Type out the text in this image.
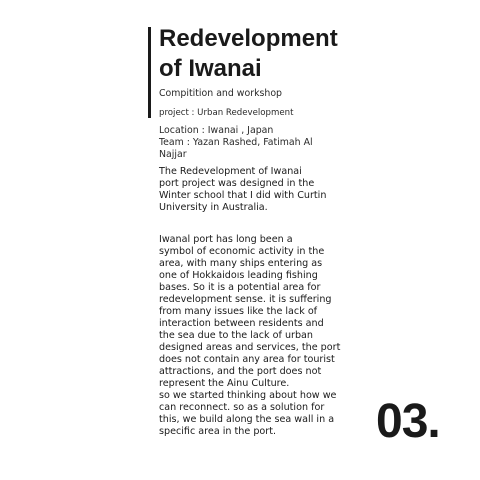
Redevelopment
of Iwanai

Compitition and workshop

project : Urban Redevelopment

Location : Iwanai , Japan

Team : Yazan Rashed, Fatimah Al

Najjar

The Redevelopment of Iwanai
port project was designed in the
Winter school that I did with Curtin
University in Australia.
Iwanal port has long been a
symbol of economic activity in the
area, with many ships entering as
one of Hokkaidoıs leading fishing
bases. So it is a potential area for
redevelopment sense. it is suffering
from many issues like the lack of
interaction between residents and
the sea due to the lack of urban
designed areas and services, the port
does not contain any area for tourist
attractions, and the port does not
represent the Ainu Culture.
so we started thinking about how we
can reconnect. so as a solution for
this, we build along the sea wall in a
specific area in the port.	03.
